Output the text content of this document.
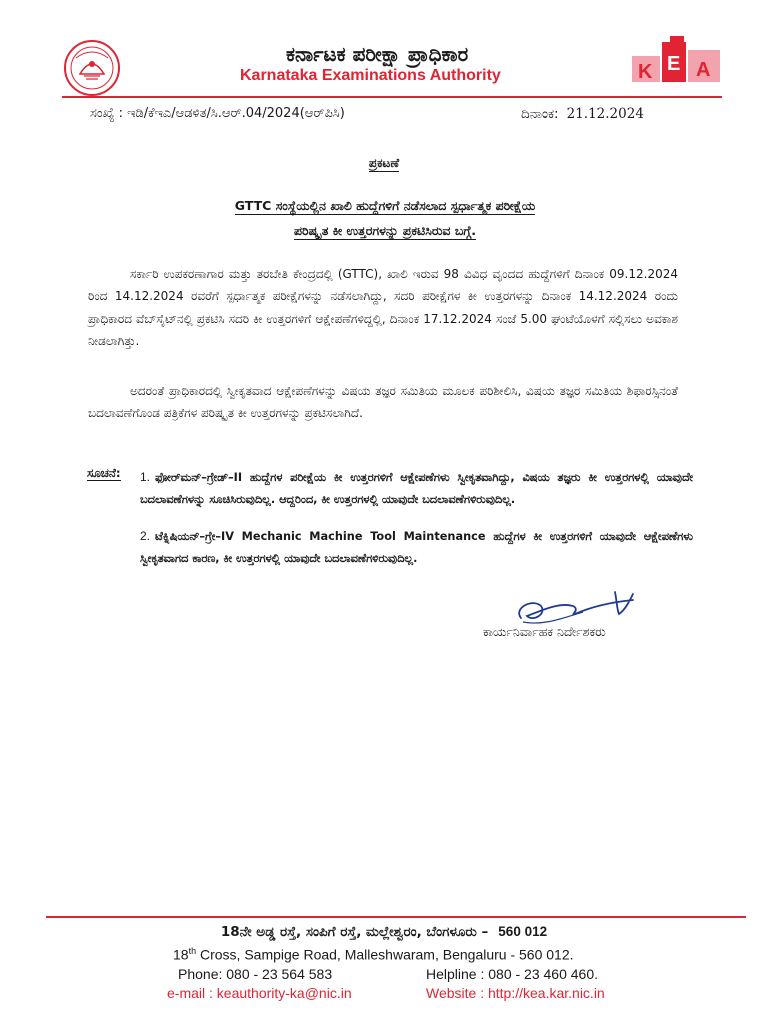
ಕರ್ನಾಟಕ ಪರೀಕ್ಷಾ ಪ್ರಾಧಿಕಾರ
Karnataka Examinations Authority	K E A
ಸಂಖ್ಯೆ : ಇಡಿ/ಕೆಇಎ/ಆಡಳಿತ/ಸಿ.ಆರ್.04/2024(ಆರ್‌ಪಿಸಿ)	ದಿನಾಂಕ: 21.12.2024
ಪ್ರಕಟಣೆ
GTTC ಸಂಸ್ಥೆಯಲ್ಲಿನ ಖಾಲಿ ಹುದ್ದೆಗಳಿಗೆ ನಡೆಸಲಾದ ಸ್ಪರ್ಧಾತ್ಮಕ ಪರೀಕ್ಷೆಯ
ಪರಿಷ್ಕೃತ ಕೀ ಉತ್ತರಗಳನ್ನು ಪ್ರಕಟಿಸಿರುವ ಬಗ್ಗೆ.
ಸರ್ಕಾರಿ ಉಪಕರಣಾಗಾರ ಮತ್ತು ತರಬೇತಿ ಕೇಂದ್ರದಲ್ಲಿ (GTTC), ಖಾಲಿ ಇರುವ 98 ವಿವಿಧ ವೃಂದದ ಹುದ್ದೆಗಳಿಗೆ ದಿನಾಂಕ 09.12.2024 ರಿಂದ 14.12.2024 ರವರೆಗೆ ಸ್ಪರ್ಧಾತ್ಮಕ ಪರೀಕ್ಷೆಗಳನ್ನು ನಡೆಸಲಾಗಿದ್ದು, ಸದರಿ ಪರೀಕ್ಷೆಗಳ ಕೀ ಉತ್ತರಗಳನ್ನು ದಿನಾಂಕ 14.12.2024 ರಂದು ಪ್ರಾಧಿಕಾರದ ವೆಬ್‌ಸೈಟ್‌ನಲ್ಲಿ ಪ್ರಕಟಿಸಿ ಸದರಿ ಕೀ ಉತ್ತರಗಳಿಗೆ ಆಕ್ಷೇಪಣೆಗಳಿದ್ದಲ್ಲಿ, ದಿನಾಂಕ 17.12.2024 ಸಂಜೆ 5.00 ಘಂಟೆಯೊಳಗೆ ಸಲ್ಲಿಸಲು ಅವಕಾಶ ನೀಡಲಾಗಿತ್ತು.
ಅದರಂತೆ ಪ್ರಾಧಿಕಾರದಲ್ಲಿ ಸ್ವೀಕೃತವಾದ ಆಕ್ಷೇಪಣೆಗಳನ್ನು ವಿಷಯ ತಜ್ಞರ ಸಮಿತಿಯ ಮೂಲಕ ಪರಿಶೀಲಿಸಿ, ವಿಷಯ ತಜ್ಞರ ಸಮಿತಿಯ ಶಿಫಾರಸ್ಸಿನಂತೆ ಬದಲಾವಣೆಗೊಂಡ ಪತ್ರಿಕೆಗಳ ಪರಿಷ್ಕೃತ ಕೀ ಉತ್ತರಗಳನ್ನು ಪ್ರಕಟಿಸಲಾಗಿದೆ.
ಸೂಚನೆ: 1. ಫೋರ್‌ಮನ್‌–ಗ್ರೇಡ್‌–II ಹುದ್ದೆಗಳ ಪರೀಕ್ಷೆಯ ಕೀ ಉತ್ತರಗಳಿಗೆ ಆಕ್ಷೇಪಣೆಗಳು ಸ್ವೀಕೃತವಾಗಿದ್ದು, ವಿಷಯ ತಜ್ಞರು ಕೀ ಉತ್ತರಗಳಲ್ಲಿ ಯಾವುದೇ ಬದಲಾವಣೆಗಳನ್ನು ಸೂಚಿಸಿರುವುದಿಲ್ಲ. ಆದ್ದರಿಂದ, ಕೀ ಉತ್ತರಗಳಲ್ಲಿ ಯಾವುದೇ ಬದಲಾವಣೆಗಳಿರುವುದಿಲ್ಲ.
2. ಟೆಕ್ನಿಷಿಯನ್‌–ಗ್ರೇ–IV Mechanic Machine Tool Maintenance ಹುದ್ದೆಗಳ ಕೀ ಉತ್ತರಗಳಿಗೆ ಯಾವುದೇ ಆಕ್ಷೇಪಣೆಗಳು ಸ್ವೀಕೃತವಾಗದ ಕಾರಣ, ಕೀ ಉತ್ತರಗಳಲ್ಲಿ ಯಾವುದೇ ಬದಲಾವಣೆಗಳಿರುವುದಿಲ್ಲ.
ಕಾರ್ಯನಿರ್ವಾಹಕ ನಿರ್ದೇಶಕರು
18ನೇ ಅಡ್ಡ ರಸ್ತೆ, ಸಂಪಿಗೆ ರಸ್ತೆ, ಮಲ್ಲೇಶ್ವರಂ, ಬೆಂಗಳೂರು – 560 012
18th Cross, Sampige Road, Malleshwaram, Bengaluru - 560 012.
Phone: 080 - 23 564 583	Helpline : 080 - 23 460 460.
e-mail : keauthority-ka@nic.in	Website : http://kea.kar.nic.in
